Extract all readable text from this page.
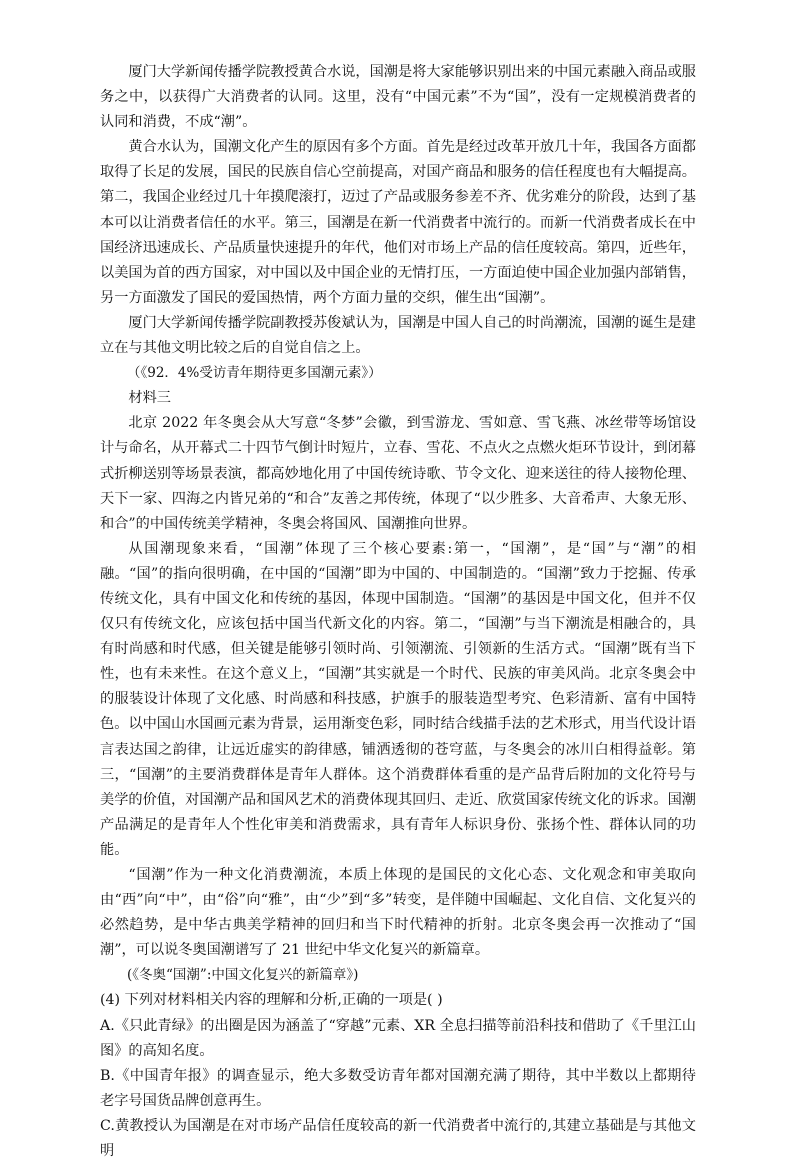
厦门大学新闻传播学院教授黄合水说，国潮是将大家能够识别出来的中国元素融入商品或服务之中，以获得广大消费者的认同。这里，没有“中国元素”不为“国”，没有一定规模消费者的认同和消费，不成“潮”。

黄合水认为，国潮文化产生的原因有多个方面。首先是经过改革开放几十年，我国各方面都取得了长足的发展，国民的民族自信心空前提高，对国产商品和服务的信任程度也有大幅提高。第二，我国企业经过几十年摸爬滚打，迈过了产品或服务参差不齐、优劣难分的阶段，达到了基本可以让消费者信任的水平。第三，国潮是在新一代消费者中流行的。而新一代消费者成长在中国经济迅速成长、产品质量快速提升的年代，他们对市场上产品的信任度较高。第四，近些年，以美国为首的西方国家，对中国以及中国企业的无情打压，一方面迫使中国企业加强内部销售，另一方面激发了国民的爱国热情，两个方面力量的交织，催生出“国潮”。

厦门大学新闻传播学院副教授苏俊斌认为，国潮是中国人自己的时尚潮流，国潮的诞生是建立在与其他文明比较之后的自觉自信之上。

（《92．4%受访青年期待更多国潮元素》）

材料三

北京 2022 年冬奥会从大写意“冬梦”会徽，到雪游龙、雪如意、雪飞燕、冰丝带等场馆设计与命名，从开幕式二十四节气倒计时短片，立春、雪花、不点火之点燃火炬环节设计，到闭幕式折柳送别等场景表演，都高妙地化用了中国传统诗歌、节令文化、迎来送往的待人接物伦理、天下一家、四海之内皆兄弟的“和合”友善之邦传统，体现了“以少胜多、大音希声、大象无形、和合”的中国传统美学精神，冬奥会将国风、国潮推向世界。

从国潮现象来看，“国潮”体现了三个核心要素:第一，“国潮”，是“国”与“潮”的相融。“国”的指向很明确，在中国的“国潮”即为中国的、中国制造的。“国潮”致力于挖掘、传承传统文化，具有中国文化和传统的基因，体现中国制造。“国潮”的基因是中国文化，但并不仅仅只有传统文化，应该包括中国当代新文化的内容。第二，“国潮”与当下潮流是相融合的，具有时尚感和时代感，但关键是能够引领时尚、引领潮流、引领新的生活方式。“国潮”既有当下性，也有未来性。在这个意义上，“国潮”其实就是一个时代、民族的审美风尚。北京冬奥会中的服装设计体现了文化感、时尚感和科技感，护旗手的服装造型考究、色彩清新、富有中国特色。以中国山水国画元素为背景，运用渐变色彩，同时结合线描手法的艺术形式，用当代设计语言表达国之韵律，让远近虚实的韵律感，铺洒透彻的苍穹蓝，与冬奥会的冰川白相得益彰。第三，“国潮”的主要消费群体是青年人群体。这个消费群体看重的是产品背后附加的文化符号与美学的价值，对国潮产品和国风艺术的消费体现其回归、走近、欣赏国家传统文化的诉求。国潮产品满足的是青年人个性化审美和消费需求，具有青年人标识身份、张扬个性、群体认同的功能。

“国潮”作为一种文化消费潮流，本质上体现的是国民的文化心态、文化观念和审美取向由“西”向“中”，由“俗”向“雅”，由“少”到“多”转变，是伴随中国崛起、文化自信、文化复兴的必然趋势，是中华古典美学精神的回归和当下时代精神的折射。北京冬奥会再一次推动了“国潮”，可以说冬奥国潮谱写了 21 世纪中华文化复兴的新篇章。

(《冬奥“国潮”:中国文化复兴的新篇章》)

(4) 下列对材料相关内容的理解和分析,正确的一项是( )

A.《只此青绿》的出圈是因为涵盖了“穿越”元素、XR 全息扫描等前沿科技和借助了《千里江山图》的高知名度。

B.《中国青年报》的调查显示，绝大多数受访青年都对国潮充满了期待，其中半数以上都期待老字号国货品牌创意再生。

C.黄教授认为国潮是在对市场产品信任度较高的新一代消费者中流行的,其建立基础是与其他文明
